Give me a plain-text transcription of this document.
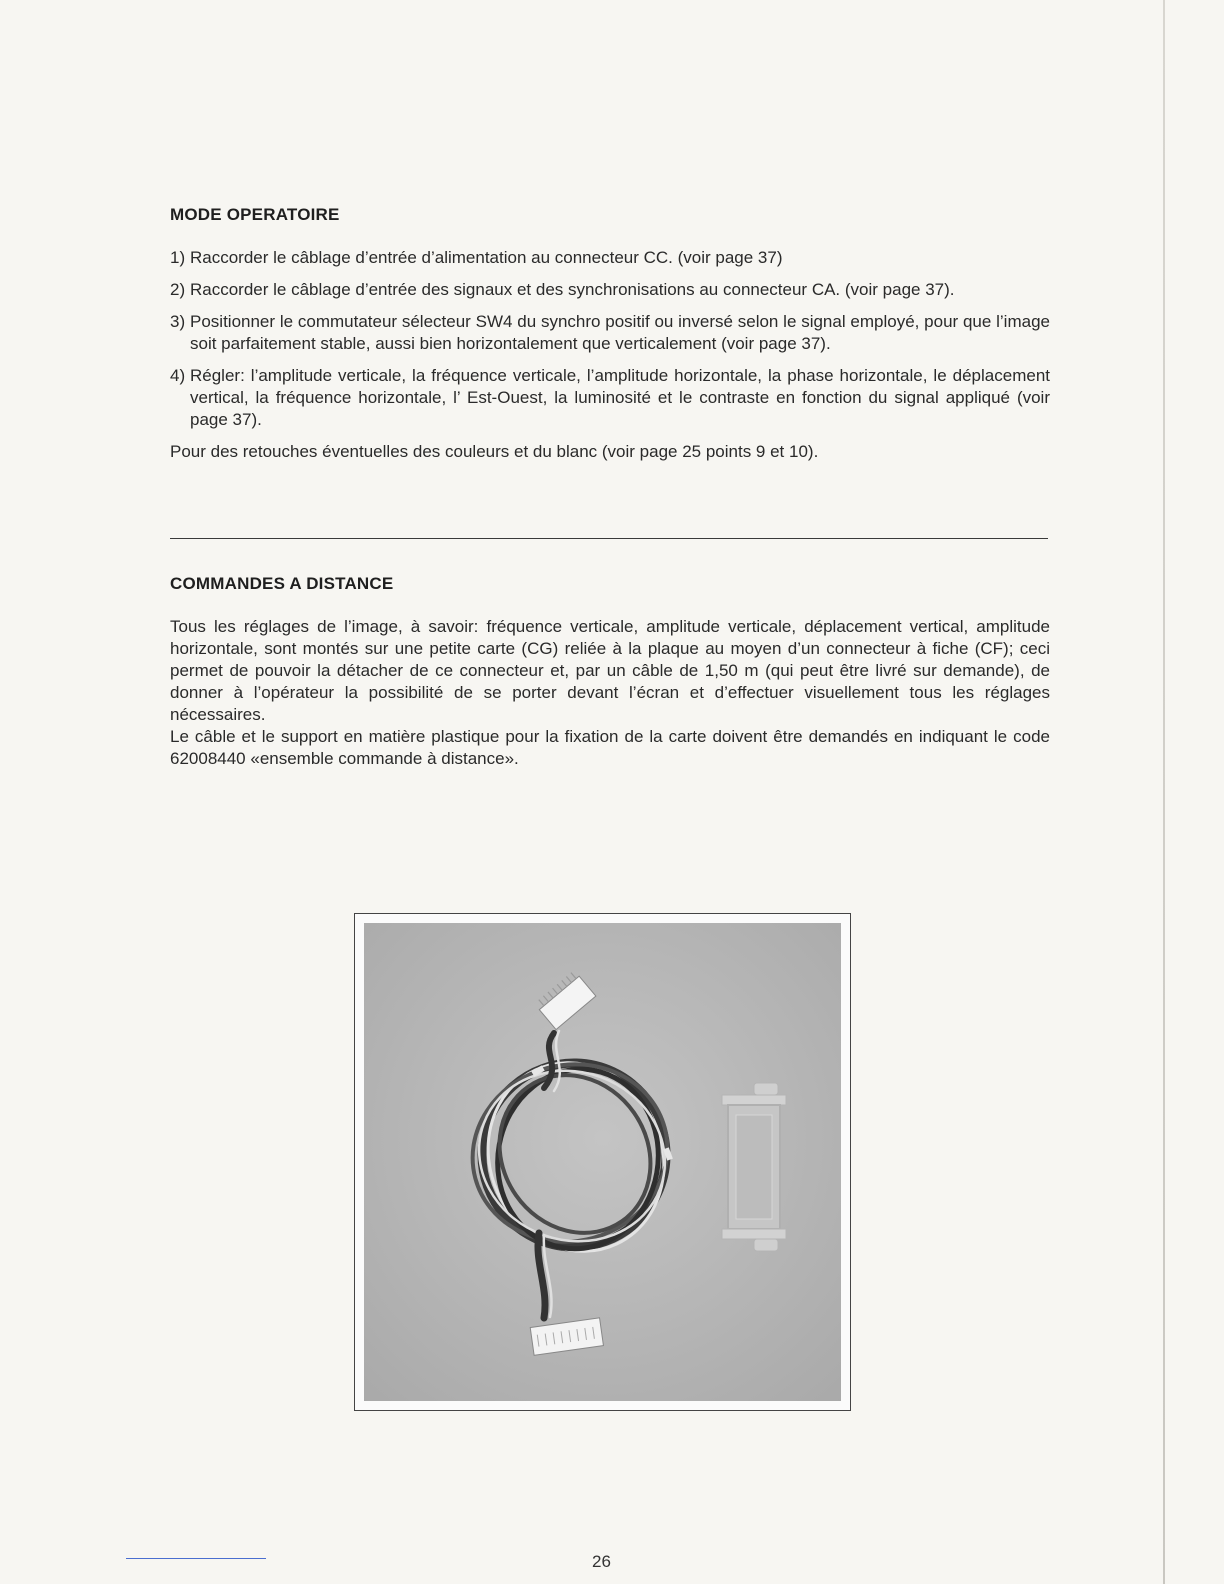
MODE OPERATOIRE
1) Raccorder le câblage d’entrée d’alimentation au connecteur CC. (voir page 37)
2) Raccorder le câblage d’entrée des signaux et des synchronisations au connecteur CA. (voir page 37).
3) Positionner le commutateur sélecteur SW4 du synchro positif ou inversé selon le signal employé, pour que l’image soit parfaitement stable, aussi bien horizontalement que verticalement (voir page 37).
4) Régler: l’amplitude verticale, la fréquence verticale, l’amplitude horizontale, la phase horizontale, le déplacement vertical, la fréquence horizontale, l’ Est-Ouest, la luminosité et le contraste en fonction du signal appliqué (voir page 37).

Pour des retouches éventuelles des couleurs et du blanc (voir page 25 points 9 et 10).

COMMANDES A DISTANCE

Tous les réglages de l’image, à savoir: fréquence verticale, amplitude verticale, déplacement vertical, amplitude horizontale, sont montés sur une petite carte (CG) reliée à la plaque au moyen d’un connecteur à fiche (CF); ceci permet de pouvoir la détacher de ce connecteur et, par un câble de 1,50 m (qui peut être livré sur demande), de donner à l’opérateur la possibilité de se porter devant l’écran et d’effectuer visuellement tous les réglages nécessaires.

Le câble et le support en matière plastique pour la fixation de la carte doivent être demandés en indiquant le code 62008440 «ensemble commande à distance».

26
